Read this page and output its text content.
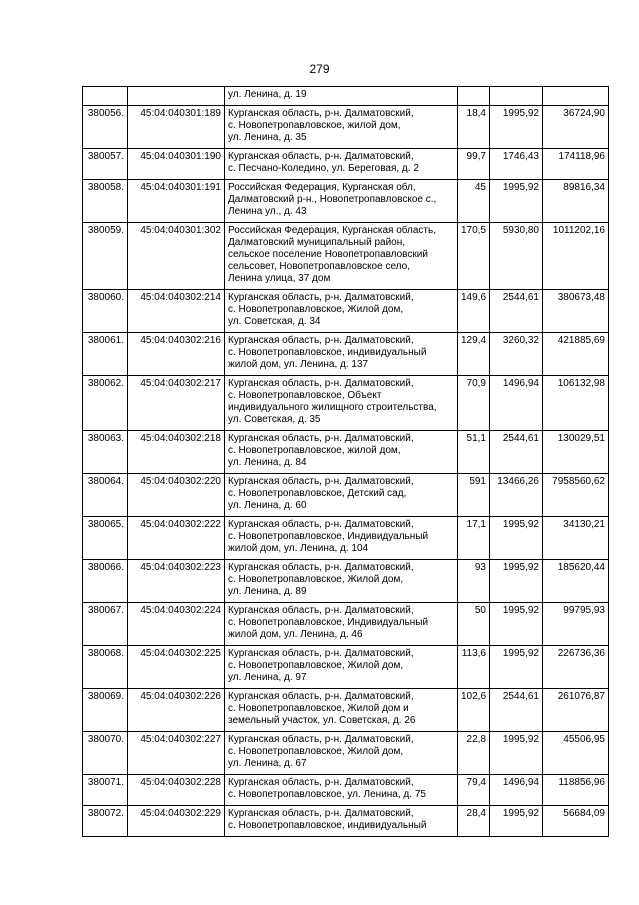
279

		ул. Ленина, д. 19			

380056.	45:04:040301:189	Курганская область, р-н. Далматовский,
с. Новопетропавловское, жилой дом,
ул. Ленина, д. 35	18,4	1995,92	36724,90
380057.	45:04:040301:190	Курганская область, р-н. Далматовский,
с. Песчано-Коледино, ул. Береговая, д. 2	99,7	1746,43	174118,96
380058.	45:04:040301:191	Российская Федерация, Курганская обл,
Далматовский р-н., Новопетропавловское с.,
Ленина ул., д. 43	45	1995,92	89816,34
380059.	45:04:040301:302	Российская Федерация, Курганская область,
Далматовский муниципальный район,
сельское поселение Новопетропавловский
сельсовет, Новопетропавловское село,
Ленина улица, 37 дом	170,5	5930,80	1011202,16
380060.	45:04:040302:214	Курганская область, р-н. Далматовский,
с. Новопетропавловское, Жилой дом,
ул. Советская, д. 34	149,6	2544,61	380673,48
380061.	45:04:040302:216	Курганская область, р-н. Далматовский,
с. Новопетропавловское, индивидуальный
жилой дом, ул. Ленина, д. 137	129,4	3260,32	421885,69
380062.	45:04:040302:217	Курганская область, р-н. Далматовский,
с. Новопетропавловское, Объект
индивидуального жилищного строительства,
ул. Советская, д. 35	70,9	1496,94	106132,98
380063.	45:04:040302:218	Курганская область, р-н. Далматовский,
с. Новопетропавловское, жилой дом,
ул. Ленина, д. 84	51,1	2544,61	130029,51
380064.	45:04:040302:220	Курганская область, р-н. Далматовский,
с. Новопетропавловское, Детский сад,
ул. Ленина, д. 60	591	13466,26	7958560,62
380065.	45:04:040302:222	Курганская область, р-н. Далматовский,
с. Новопетропавловское, Индивидуальный
жилой дом, ул. Ленина, д. 104	17,1	1995,92	34130,21
380066.	45:04:040302:223	Курганская область, р-н. Далматовский,
с. Новопетропавловское, Жилой дом,
ул. Ленина, д. 89	93	1995,92	185620,44
380067.	45:04:040302:224	Курганская область, р-н. Далматовский,
с. Новопетропавловское, Индивидуальный
жилой дом, ул. Ленина, д. 46	50	1995,92	99795,93
380068.	45:04:040302:225	Курганская область, р-н. Далматовский,
с. Новопетропавловское, Жилой дом,
ул. Ленина, д. 97	113,6	1995,92	226736,36
380069.	45:04:040302:226	Курганская область, р-н. Далматовский,
с. Новопетропавловское, Жилой дом и
земельный участок, ул. Советская, д. 26	102,6	2544,61	261076,87
380070.	45:04:040302:227	Курганская область, р-н. Далматовский,
с. Новопетропавловское, Жилой дом,
ул. Ленина, д. 67	22,8	1995,92	45506,95
380071.	45:04:040302:228	Курганская область, р-н. Далматовский,
с. Новопетропавловское, ул. Ленина, д. 75	79,4	1496,94	118856,96
380072.	45:04:040302:229	Курганская область, р-н. Далматовский,
с. Новопетропавловское, индивидуальный	28,4	1995,92	56684,09
